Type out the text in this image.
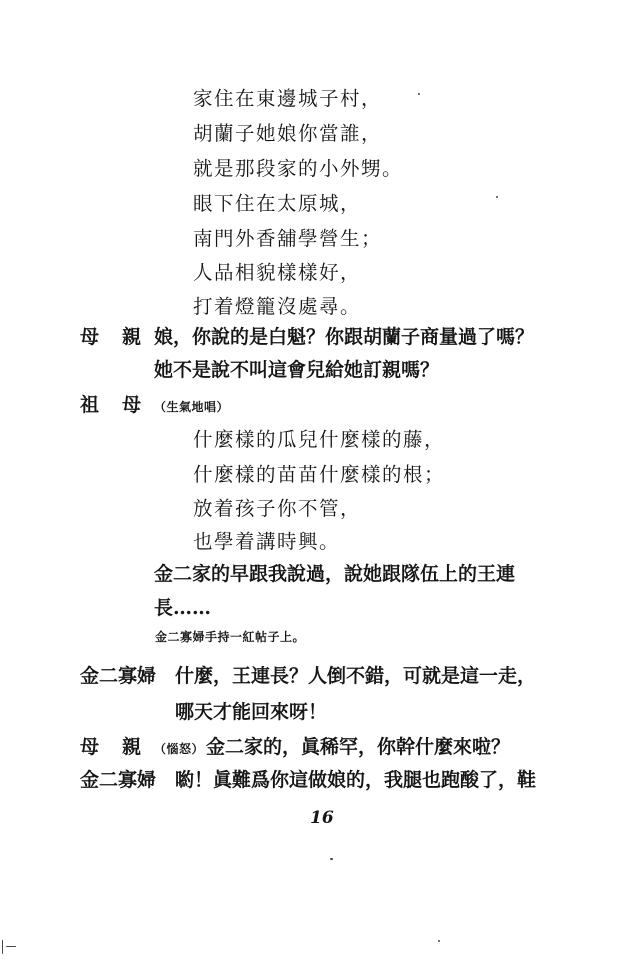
家住在東邊城子村，
胡蘭子她娘你當誰，
就是那段家的小外甥。
眼下住在太原城，
南門外香舖學營生；
人品相貌樣樣好，
打着燈籠沒處尋。
母　親 娘，你說的是白魁？你跟胡蘭子商量過了嗎？
她不是說不叫這會兒給她訂親嗎？
祖　母 （生氣地唱）
什麼樣的瓜兒什麼樣的藤，
什麼樣的苗苗什麼樣的根；
放着孩子你不管，
也學着講時興。
金二家的早跟我說過，說她跟隊伍上的王連
長……
金二寡婦手持一紅帖子上。
金二寡婦 什麼，王連長？人倒不錯，可就是這一走，
哪天才能回來呀！
母　親 （惱怒） 金二家的，眞稀罕，你幹什麼來啦？
金二寡婦 喲！眞難爲你這做娘的，我腿也跑酸了，鞋
16
